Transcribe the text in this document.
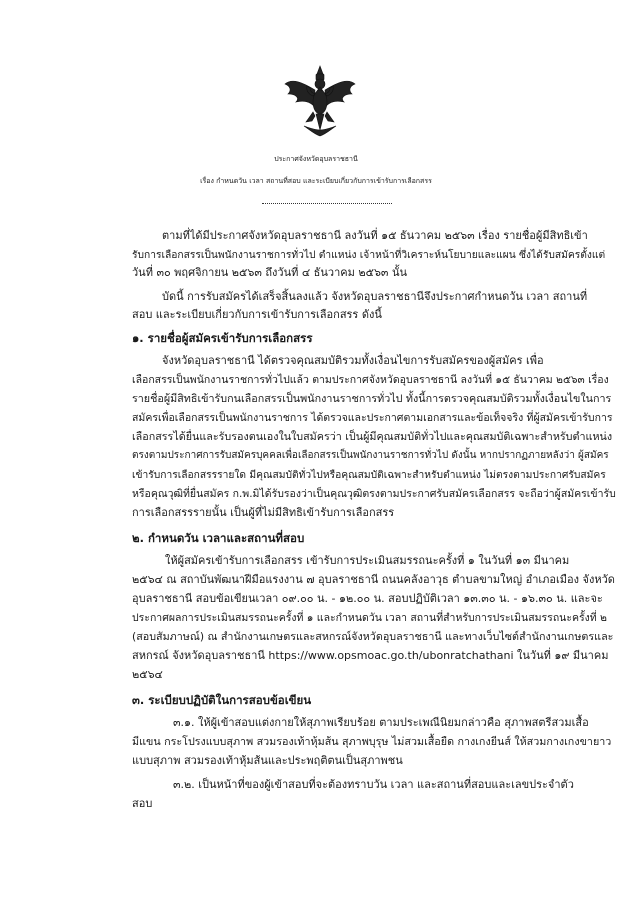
ประกาศจังหวัดอุบลราชธานี
เรื่อง กำหนดวัน เวลา สถานที่สอบ และระเบียบเกี่ยวกับการเข้ารับการเลือกสรร
ตามที่ได้มีประกาศจังหวัดอุบลราชธานี ลงวันที่ ๑๕ ธันวาคม ๒๕๖๓ เรื่อง รายชื่อผู้มีสิทธิเข้า
รับการเลือกสรรเป็นพนักงานราชการทั่วไป ตำแหน่ง เจ้าหน้าที่วิเคราะห์นโยบายและแผน ซึ่งได้รับสมัครตั้งแต่
วันที่ ๓๐ พฤศจิกายน ๒๕๖๓ ถึงวันที่ ๔ ธันวาคม ๒๕๖๓ นั้น
บัดนี้ การรับสมัครได้เสร็จสิ้นลงแล้ว จังหวัดอุบลราชธานีจึงประกาศกำหนดวัน เวลา สถานที่
สอบ และระเบียบเกี่ยวกับการเข้ารับการเลือกสรร ดังนี้
๑. รายชื่อผู้สมัครเข้ารับการเลือกสรร
จังหวัดอุบลราชธานี ได้ตรวจคุณสมบัติรวมทั้งเงื่อนไขการรับสมัครของผู้สมัคร เพื่อ
เลือกสรรเป็นพนักงานราชการทั่วไปแล้ว ตามประกาศจังหวัดอุบลราชธานี ลงวันที่ ๑๕ ธันวาคม ๒๕๖๓ เรื่อง
รายชื่อผู้มีสิทธิเข้ารับกนเลือกสรรเป็นพนักงานราชการทั่วไป ทั้งนี้การตรวจคุณสมบัติรวมทั้งเงื่อนไขในการ
สมัครเพื่อเลือกสรรเป็นพนักงานราชการ ได้ตรวจและประกาศตามเอกสารและข้อเท็จจริง ที่ผู้สมัครเข้ารับการ
เลือกสรรได้ยื่นและรับรองตนเองในใบสมัครว่า เป็นผู้มีคุณสมบัติทั่วไปและคุณสมบัติเฉพาะสำหรับตำแหน่ง
ตรงตามประกาศการรับสมัครบุคคลเพื่อเลือกสรรเป็นพนักงานราชการทั่วไป ดังนั้น หากปรากฏภายหลังว่า ผู้สมัคร
เข้ารับการเลือกสรรรายใด มีคุณสมบัติทั่วไปหรือคุณสมบัติเฉพาะสำหรับตำแหน่ง ไม่ตรงตามประกาศรับสมัคร
หรือคุณวุฒิที่ยื่นสมัคร ก.พ.มิได้รับรองว่าเป็นคุณวุฒิตรงตามประกาศรับสมัครเลือกสรร จะถือว่าผู้สมัครเข้ารับ
การเลือกสรรรายนั้น เป็นผู้ที่ไม่มีสิทธิเข้ารับการเลือกสรร
๒. กำหนดวัน เวลาและสถานที่สอบ
ให้ผู้สมัครเข้ารับการเลือกสรร เข้ารับการประเมินสมรรถนะครั้งที่ ๑ ในวันที่ ๑๓ มีนาคม
๒๕๖๔ ณ สถาบันพัฒนาฝีมือแรงงาน ๗ อุบลราชธานี ถนนคลังอาวุธ ตำบลขามใหญ่ อำเภอเมือง จังหวัด
อุบลราชธานี สอบข้อเขียนเวลา ๐๙.๐๐ น. - ๑๒.๐๐ น. สอบปฏิบัติเวลา ๑๓.๓๐ น. - ๑๖.๓๐ น. และจะ
ประกาศผลการประเมินสมรรถนะครั้งที่ ๑ และกำหนดวัน เวลา สถานที่สำหรับการประเมินสมรรถนะครั้งที่ ๒
(สอบสัมภาษณ์) ณ สำนักงานเกษตรและสหกรณ์จังหวัดอุบลราชธานี และทางเว็บไซต์สำนักงานเกษตรและ
สหกรณ์ จังหวัดอุบลราชธานี https://www.opsmoac.go.th/ubonratchathani ในวันที่ ๑๙ มีนาคม
๒๕๖๔
๓. ระเบียบปฏิบัติในการสอบข้อเขียน
๓.๑. ให้ผู้เข้าสอบแต่งกายให้สุภาพเรียบร้อย ตามประเพณีนิยมกล่าวคือ สุภาพสตรีสวมเสื้อ
มีแขน กระโปรงแบบสุภาพ สวมรองเท้าหุ้มส้น สุภาพบุรุษ ไม่สวมเสื้อยืด กางเกงยีนส์ ให้สวมกางเกงขายาว
แบบสุภาพ สวมรองเท้าหุ้มส้นและประพฤติตนเป็นสุภาพชน
๓.๒. เป็นหน้าที่ของผู้เข้าสอบที่จะต้องทราบวัน เวลา และสถานที่สอบและเลขประจำตัว
สอบ
